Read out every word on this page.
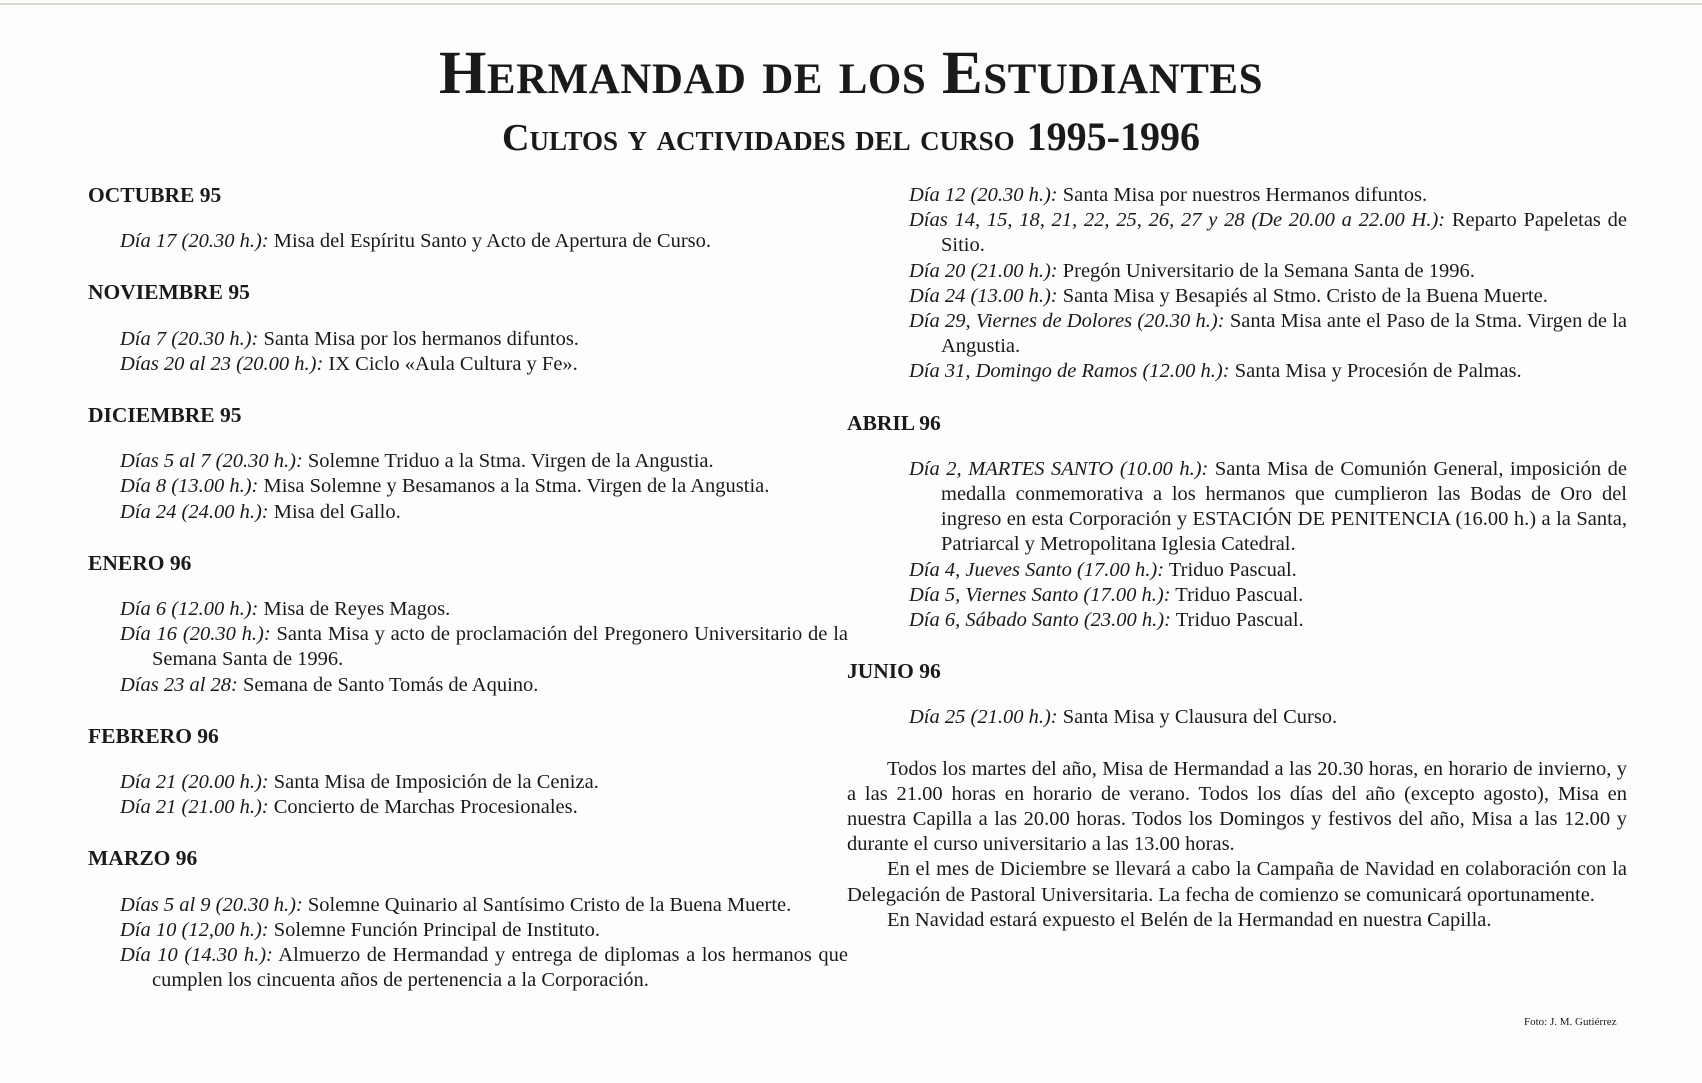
Hermandad de los Estudiantes
Cultos y actividades del curso 1995-1996

OCTUBRE 95

Día 17 (20.30 h.): Misa del Espíritu Santo y Acto de Apertura de Curso.

NOVIEMBRE 95

Día 7 (20.30 h.): Santa Misa por los hermanos difuntos.

Días 20 al 23 (20.00 h.): IX Ciclo «Aula Cultura y Fe».

DICIEMBRE 95

Días 5 al 7 (20.30 h.): Solemne Triduo a la Stma. Virgen de la Angustia.

Día 8 (13.00 h.): Misa Solemne y Besamanos a la Stma. Virgen de la Angustia.

Día 24 (24.00 h.): Misa del Gallo.

ENERO 96

Día 6 (12.00 h.): Misa de Reyes Magos.

Día 16 (20.30 h.): Santa Misa y acto de proclamación del Pregonero Universitario de la Semana Santa de 1996.

Días 23 al 28: Semana de Santo Tomás de Aquino.

FEBRERO 96

Día 21 (20.00 h.): Santa Misa de Imposición de la Ceniza.

Día 21 (21.00 h.): Concierto de Marchas Procesionales.

MARZO 96

Días 5 al 9 (20.30 h.): Solemne Quinario al Santísimo Cristo de la Buena Muerte.

Día 10 (12,00 h.): Solemne Función Principal de Instituto.

Día 10 (14.30 h.): Almuerzo de Hermandad y entrega de diplomas a los hermanos que cumplen los cincuenta años de pertenencia a la Corporación.

Día 12 (20.30 h.): Santa Misa por nuestros Hermanos difuntos.

Días 14, 15, 18, 21, 22, 25, 26, 27 y 28 (De 20.00 a 22.00 H.): Reparto Papeletas de Sitio.

Día 20 (21.00 h.): Pregón Universitario de la Semana Santa de 1996.

Día 24 (13.00 h.): Santa Misa y Besapiés al Stmo. Cristo de la Buena Muerte.

Día 29, Viernes de Dolores (20.30 h.): Santa Misa ante el Paso de la Stma. Virgen de la Angustia.

Día 31, Domingo de Ramos (12.00 h.): Santa Misa y Procesión de Palmas.

ABRIL 96

Día 2, MARTES SANTO (10.00 h.): Santa Misa de Comunión General, imposición de medalla conmemorativa a los hermanos que cumplieron las Bodas de Oro del ingreso en esta Corporación y ESTACIÓN DE PENITENCIA (16.00 h.) a la Santa, Patriarcal y Metropolitana Iglesia Catedral.

Día 4, Jueves Santo (17.00 h.): Triduo Pascual.

Día 5, Viernes Santo (17.00 h.): Triduo Pascual.

Día 6, Sábado Santo (23.00 h.): Triduo Pascual.

JUNIO 96

Día 25 (21.00 h.): Santa Misa y Clausura del Curso.

Todos los martes del año, Misa de Hermandad a las 20.30 horas, en horario de invierno, y a las 21.00 horas en horario de verano. Todos los días del año (excepto agosto), Misa en nuestra Capilla a las 20.00 horas. Todos los Domingos y festivos del año, Misa a las 12.00 y durante el curso universitario a las 13.00 horas.

En el mes de Diciembre se llevará a cabo la Campaña de Navidad en colaboración con la Delegación de Pastoral Universitaria. La fecha de comienzo se comunicará oportunamente.

En Navidad estará expuesto el Belén de la Hermandad en nuestra Capilla.

Foto: J. M. Gutiérrez
